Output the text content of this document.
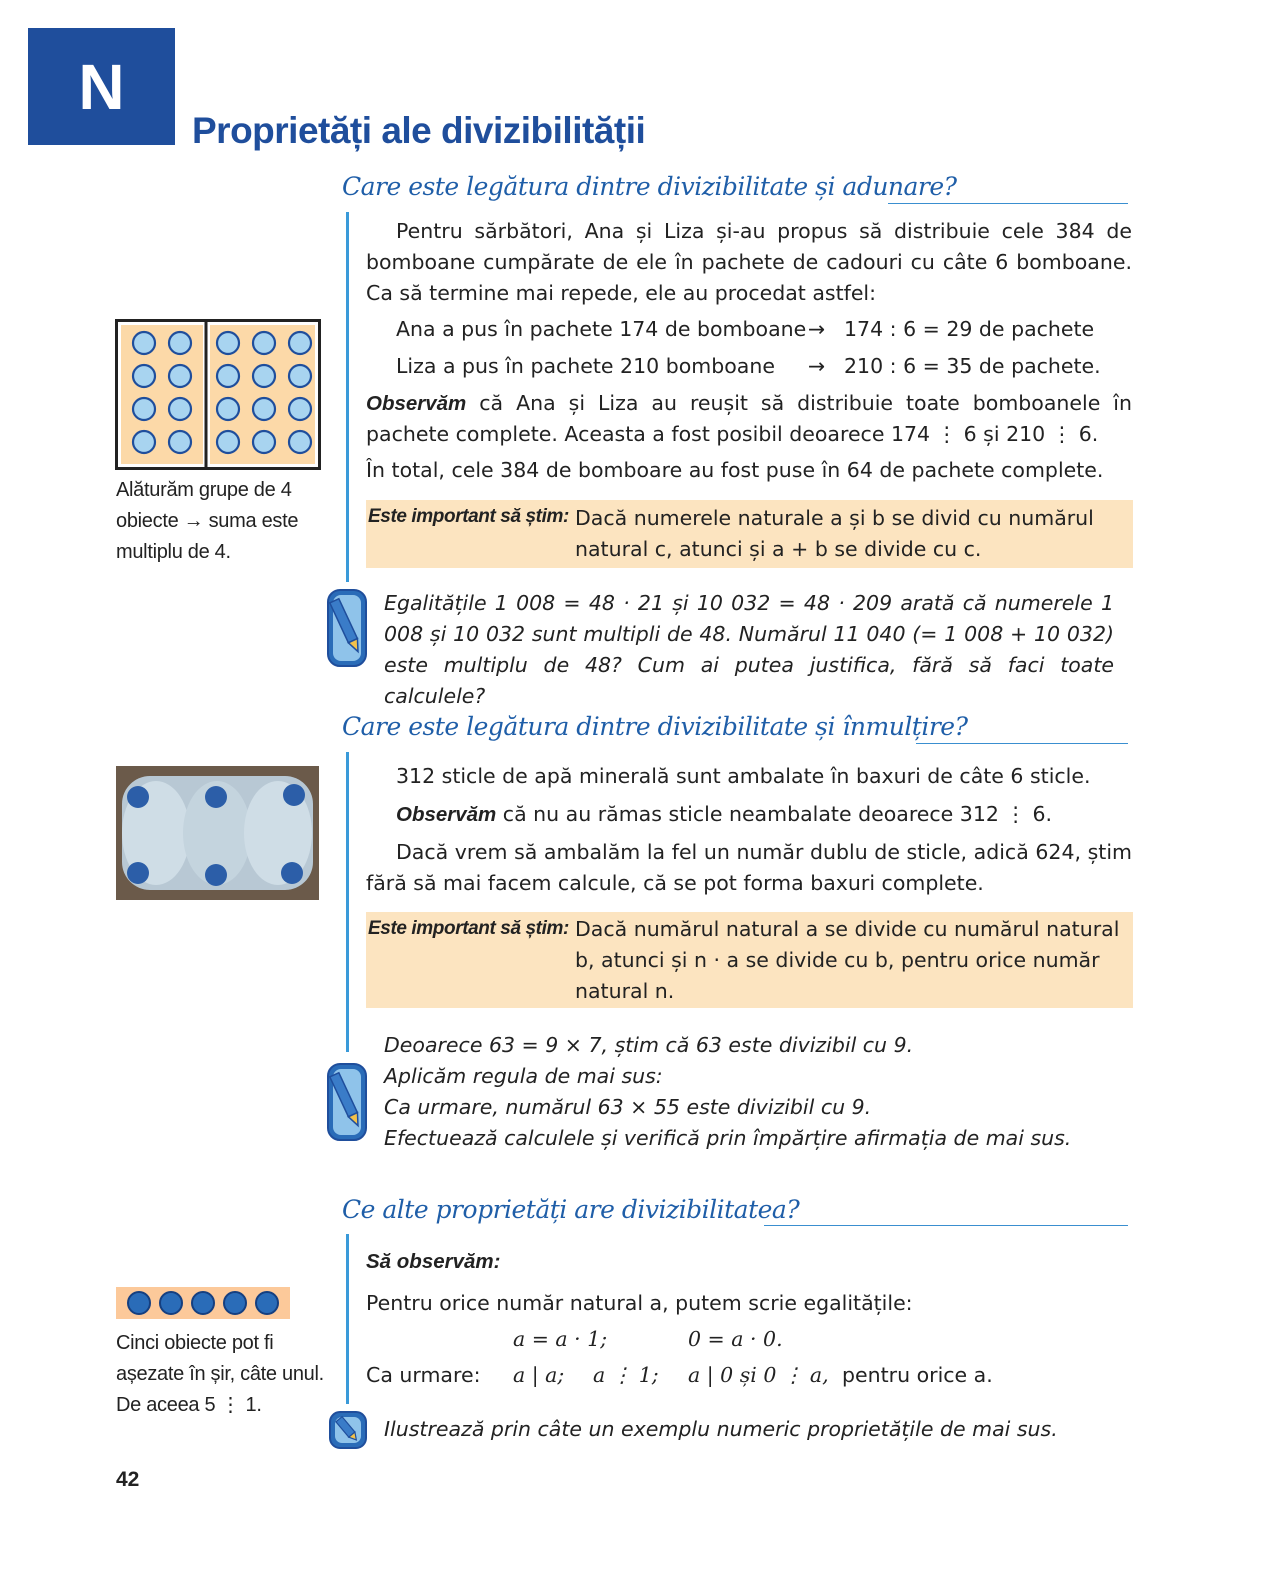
N
Proprietăți ale divizibilității
Care este legătura dintre divizibilitate și adunare?
Pentru sărbători, Ana și Liza și-au propus să distribuie cele 384 de bomboane cumpărate de ele în pachete de cadouri cu câte 6 bomboane. Ca să termine mai repede, ele au procedat astfel:
Ana a pus în pachete 174 de bomboane → 174 : 6 = 29 de pachete
Liza a pus în pachete 210 bomboane → 210 : 6 = 35 de pachete.
Observăm că Ana și Liza au reușit să distribuie toate bomboanele în pachete complete. Aceasta a fost posibil deoarece 174 ⋮ 6 și 210 ⋮ 6.
În total, cele 384 de bomboare au fost puse în 64 de pachete complete.
Este important să știm: Dacă numerele naturale a și b se divid cu numărul
natural c, atunci și a + b se divide cu c.
Egalitățile 1 008 = 48 · 21 și 10 032 = 48 · 209 arată că numerele 1 008 și 10 032 sunt multipli de 48. Numărul 11 040 (= 1 008 + 10 032) este multiplu de 48? Cum ai putea justifica, fără să faci toate calculele?
Alăturăm grupe de 4 obiecte → suma este multiplu de 4.
Care este legătura dintre divizibilitate și înmulțire?
312 sticle de apă minerală sunt ambalate în baxuri de câte 6 sticle.
Observăm că nu au rămas sticle neambalate deoarece 312 ⋮ 6.
Dacă vrem să ambalăm la fel un număr dublu de sticle, adică 624, știm fără să mai facem calcule, că se pot forma baxuri complete.
Este important să știm: Dacă numărul natural a se divide cu numărul natural
b, atunci și n · a se divide cu b, pentru orice număr
natural n.
Deoarece 63 = 9 × 7, știm că 63 este divizibil cu 9.
Aplicăm regula de mai sus:
Ca urmare, numărul 63 × 55 este divizibil cu 9.
Efectuează calculele și verifică prin împărțire afirmația de mai sus.
Ce alte proprietăți are divizibilitatea?
Să observăm:
Pentru orice număr natural a, putem scrie egalitățile:
a = a · 1;	0 = a · 0.
Ca urmare: a | a; a ⋮ 1; a | 0 și 0 ⋮ a, pentru orice a.
Ilustrează prin câte un exemplu numeric proprietățile de mai sus.
Cinci obiecte pot fi așezate în șir, câte unul. De aceea 5 ⋮ 1.
42
